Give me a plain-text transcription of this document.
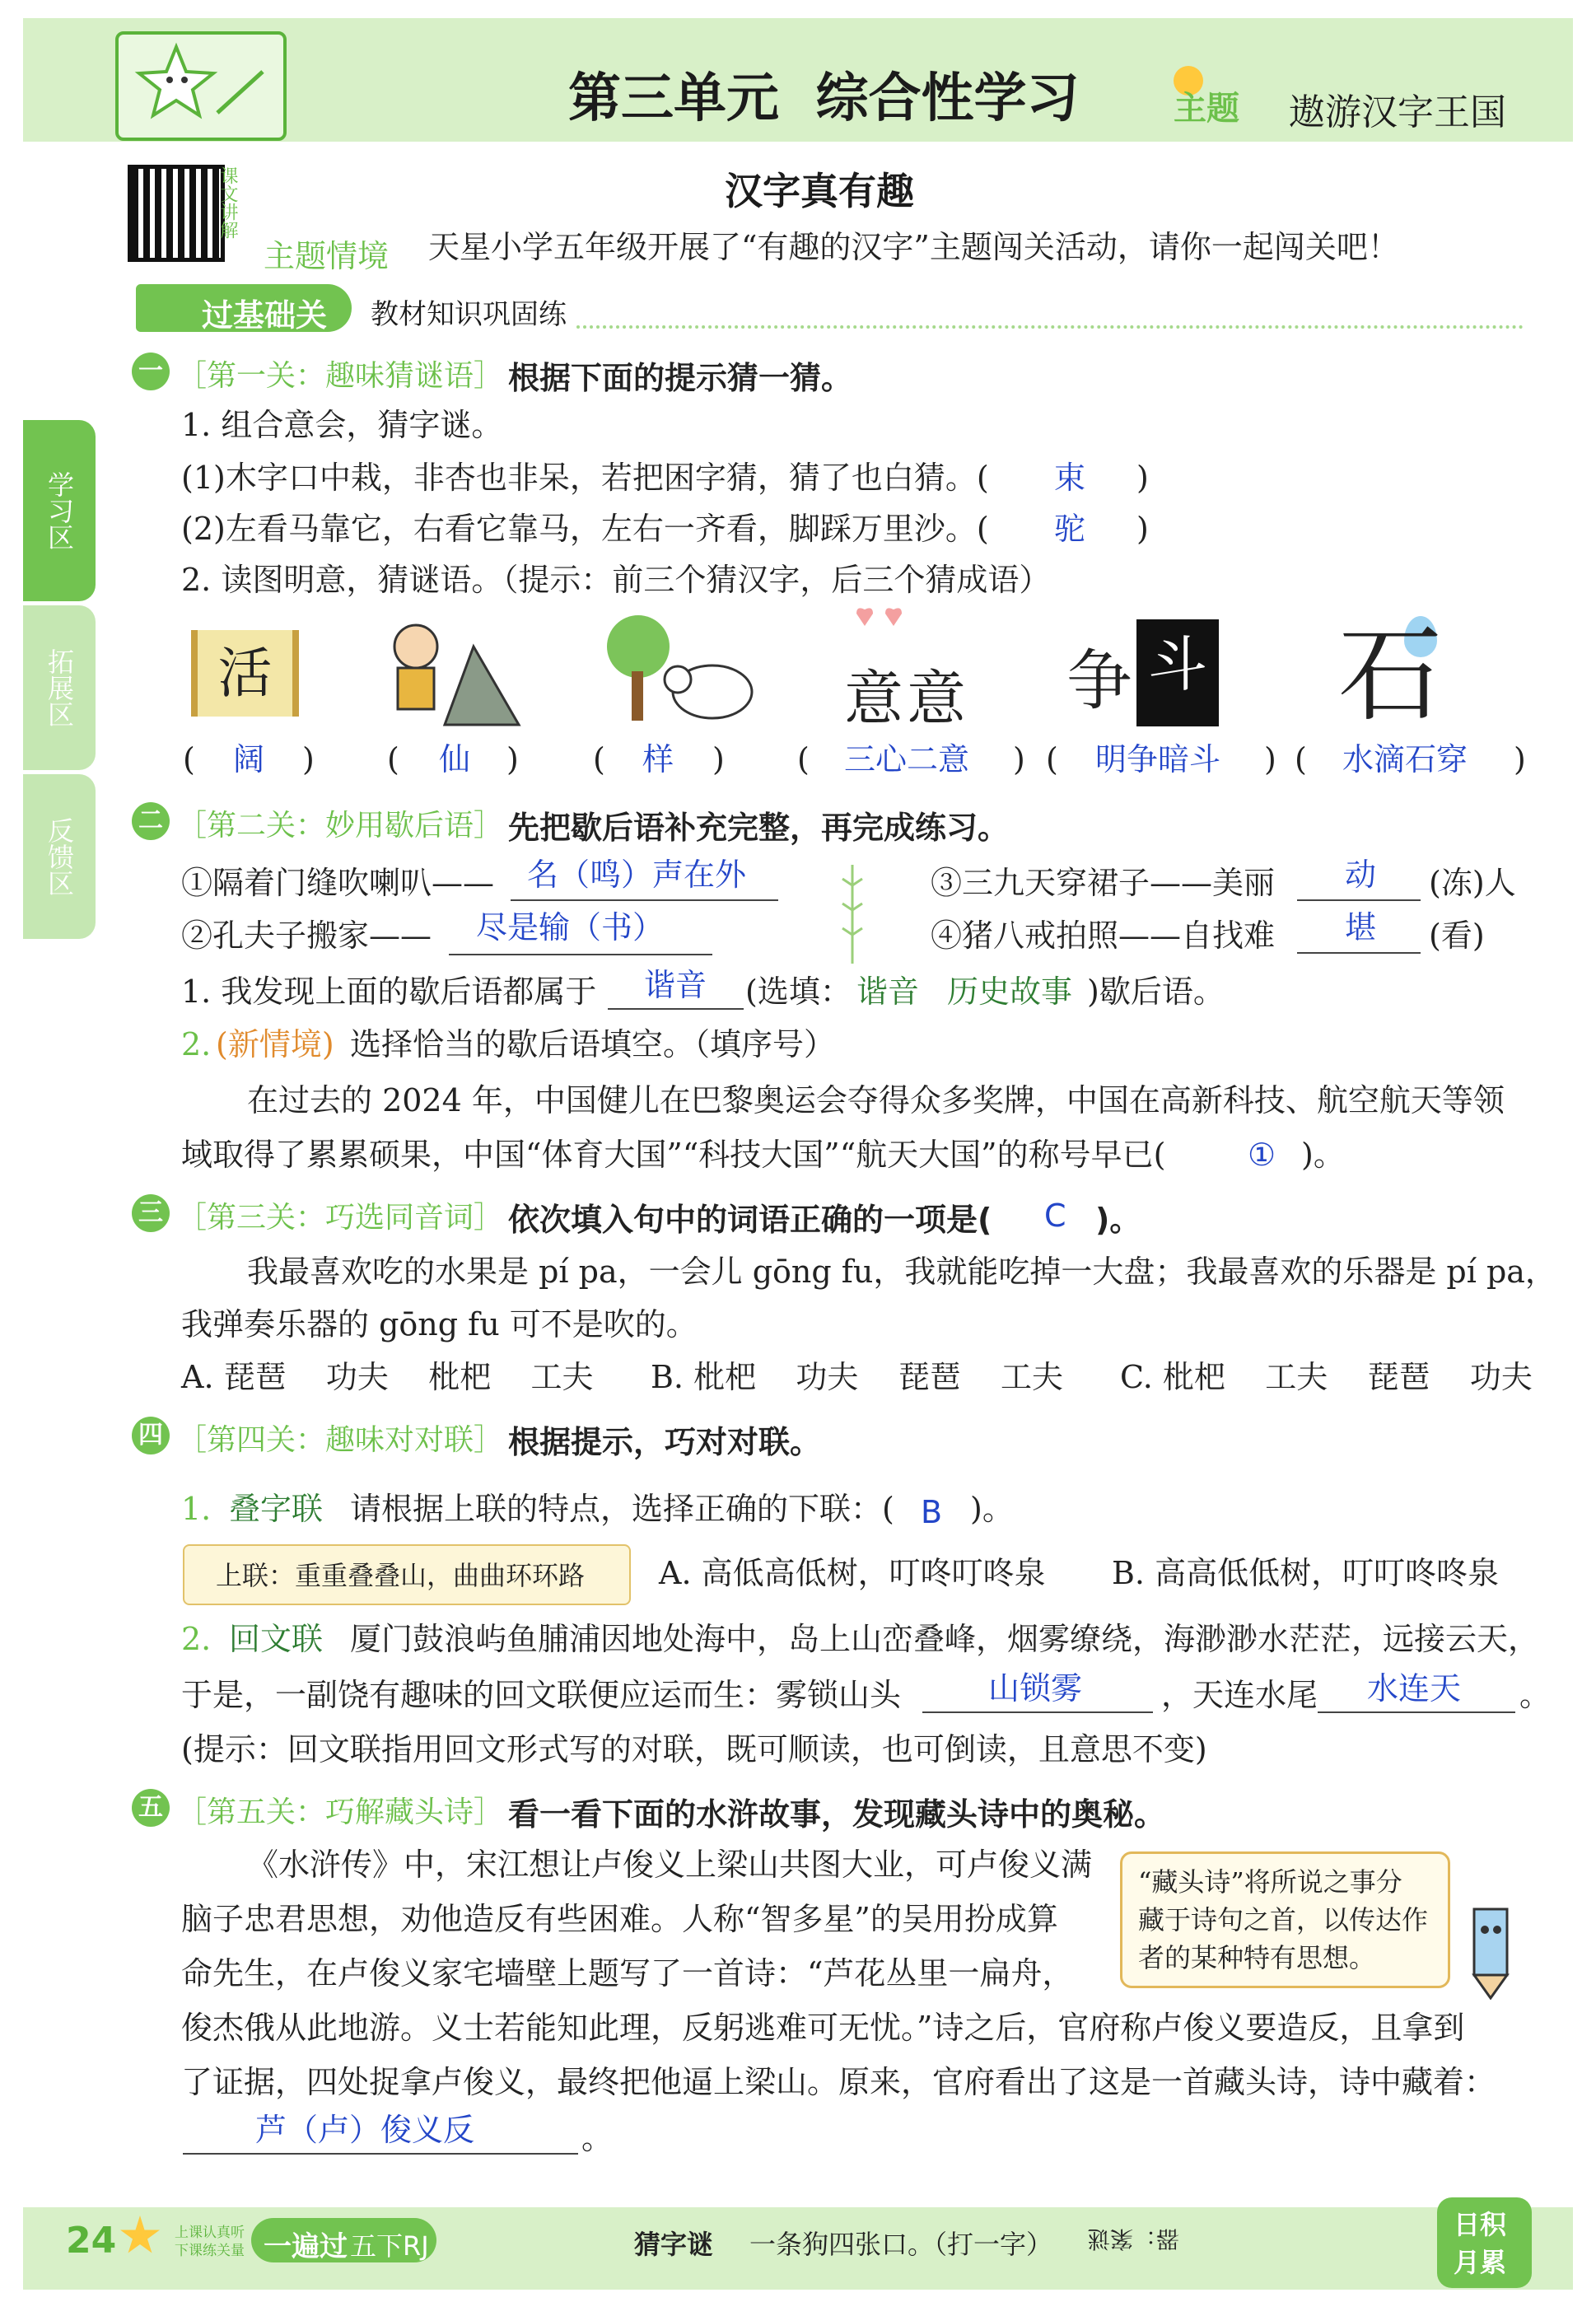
第三单元  综合性学习	主题 遨游汉字王国
学习区
拓展区
反馈区
课文讲解	汉字真有趣
主题情境 天星小学五年级开展了“有趣的汉字”主题闯关活动，请你一起闯关吧！
过基础关 教材知识巩固练
一 ［第一关：趣味猜谜语］ 根据下面的提示猜一猜。
1. 组合意会，猜字谜。
(1)木字口中栽，非杏也非呆，若把困字猜，猜了也白猜。( 束 )
(2)左看马靠它，右看它靠马，左右一齐看，脚踩万里沙。( 驼 )
2. 读图明意，猜谜语。（提示：前三个猜汉字，后三个猜成语）
活	意意 争 斗 石
( 阔 ) ( 仙 ) ( 样 ) ( 三心二意 ) ( 明争暗斗 ) ( 水滴石穿 )
二 ［第二关：妙用歇后语］ 先把歇后语补充完整，再完成练习。
①隔着门缝吹喇叭—— 名（鸣）声在外
②孔夫子搬家—— 尽是输（书）
③三九天穿裙子——美丽 动 (冻)人
④猪八戒拍照——自找难 堪 (看)
1. 我发现上面的歇后语都属于 谐音 (选填： 谐音 历史故事 )歇后语。
2. (新情境) 选择恰当的歇后语填空。（填序号）
在过去的 2024 年，中国健儿在巴黎奥运会夺得众多奖牌，中国在高新科技、航空航天等领
域取得了累累硕果，中国“体育大国”“科技大国”“航天大国”的称号早已(	① )。
三 ［第三关：巧选同音词］ 依次填入句中的词语正确的一项是( C )。
我最喜欢吃的水果是 pí pa，一会儿 gōng fu，我就能吃掉一大盘；我最喜欢的乐器是 pí pa，
我弹奏乐器的 gōng fu 可不是吹的。
A. 琵琶    功夫    枇杷    工夫 B. 枇杷    功夫    琵琶    工夫 C. 枇杷    工夫    琵琶    功夫
四 ［第四关：趣味对对联］ 根据提示，巧对对联。
1. 叠字联 请根据上联的特点，选择正确的下联：( B )。
上联：重重叠叠山，曲曲环环路 A. 高低高低树，叮咚叮咚泉 B. 高高低低树，叮叮咚咚泉
2. 回文联 厦门鼓浪屿鱼脯浦因地处海中，岛上山峦叠峰，烟雾缭绕，海渺渺水茫茫，远接云天，
于是，一副饶有趣味的回文联便应运而生：雾锁山头	山锁雾	，天连水尾 水连天 。
(提示：回文联指用回文形式写的对联，既可顺读，也可倒读，且意思不变)
五 ［第五关：巧解藏头诗］ 看一看下面的水浒故事，发现藏头诗中的奥秘。
《水浒传》中，宋江想让卢俊义上梁山共图大业，可卢俊义满
脑子忠君思想，劝他造反有些困难。人称“智多星”的吴用扮成算
命先生，在卢俊义家宅墙壁上题写了一首诗：“芦花丛里一扁舟，
俊杰俄从此地游。义士若能知此理，反躬逃难可无忧。”诗之后，官府称卢俊义要造反，且拿到
了证据，四处捉拿卢俊义，最终把他逼上梁山。原来，官府看出了这是一首藏头诗，诗中藏着：
芦（卢）俊义反	。
“藏头诗”将所说之事分
藏于诗句之首，以传达作
者的某种特有思想。
24	上课认真听
下课练关量 一遍过 五下RJ	猜字谜 一条狗四张口。（打一字） 器：案谜	日积
月累
